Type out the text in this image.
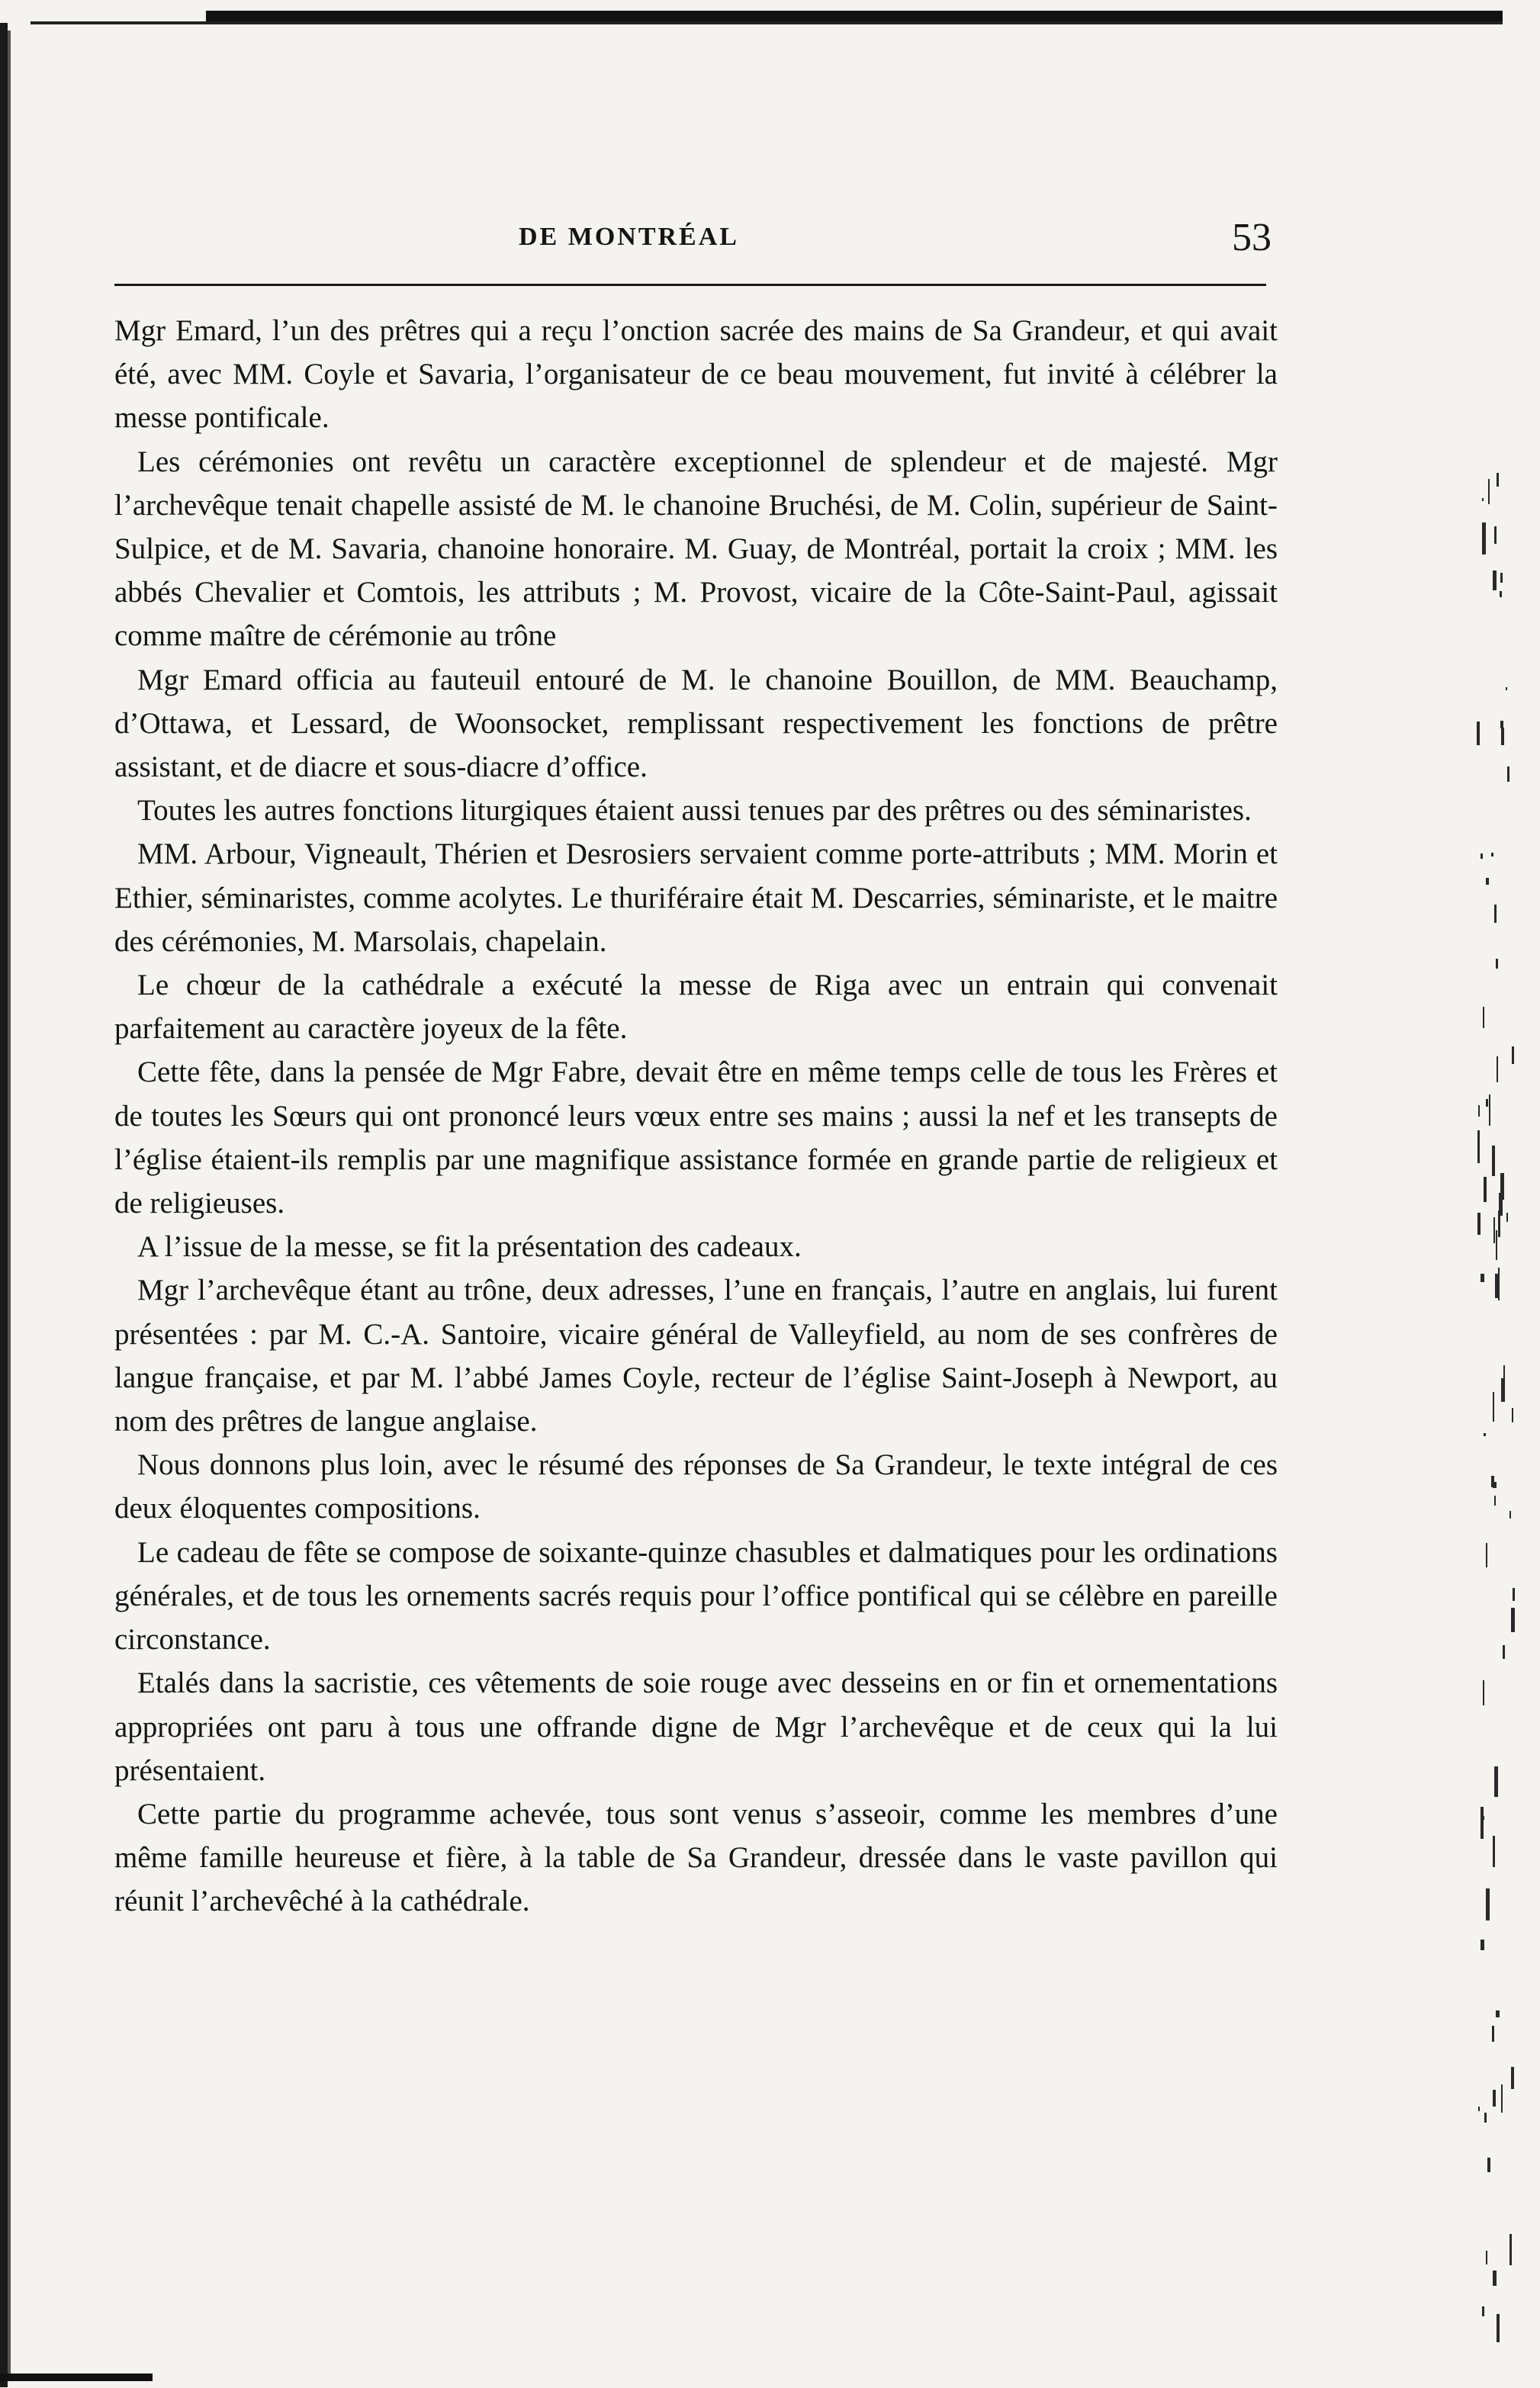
DE MONTRÉAL	53

Mgr Emard, l’un des prêtres qui a reçu l’onction sacrée des mains de Sa Grandeur, et qui avait été, avec MM. Coyle et Savaria, l’organisateur de ce beau mouvement, fut invité à célébrer la messe pontificale.

Les cérémonies ont revêtu un caractère exceptionnel de splendeur et de majesté. Mgr l’archevêque tenait chapelle assisté de M. le chanoine Bruchési, de M. Colin, supérieur de Saint-Sulpice, et de M. Savaria, chanoine honoraire. M. Guay, de Montréal, portait la croix ; MM. les abbés Chevalier et Comtois, les attributs ; M. Provost, vicaire de la Côte-Saint-Paul, agissait comme maître de cérémonie au trône

Mgr Emard officia au fauteuil entouré de M. le chanoine Bouillon, de MM. Beauchamp, d’Ottawa, et Lessard, de Woonsocket, remplissant respectivement les fonctions de prêtre assistant, et de diacre et sous-diacre d’office.

Toutes les autres fonctions liturgiques étaient aussi tenues par des prêtres ou des séminaristes.

MM. Arbour, Vigneault, Thérien et Desrosiers servaient comme porte-attributs ; MM. Morin et Ethier, séminaristes, comme acolytes. Le thuriféraire était M. Descarries, séminariste, et le maitre des cérémonies, M. Marsolais, chapelain.

Le chœur de la cathédrale a exécuté la messe de Riga avec un entrain qui convenait parfaitement au caractère joyeux de la fête.

Cette fête, dans la pensée de Mgr Fabre, devait être en même temps celle de tous les Frères et de toutes les Sœurs qui ont prononcé leurs vœux entre ses mains ; aussi la nef et les transepts de l’église étaient-ils remplis par une magnifique assistance formée en grande partie de religieux et de religieuses.

A l’issue de la messe, se fit la présentation des cadeaux.

Mgr l’archevêque étant au trône, deux adresses, l’une en français, l’autre en anglais, lui furent présentées : par M. C.-A. Santoire, vicaire général de Valleyfield, au nom de ses confrères de langue française, et par M. l’abbé James Coyle, recteur de l’église Saint-Joseph à Newport, au nom des prêtres de langue anglaise.

Nous donnons plus loin, avec le résumé des réponses de Sa Grandeur, le texte intégral de ces deux éloquentes compositions.

Le cadeau de fête se compose de soixante-quinze chasubles et dalmatiques pour les ordinations générales, et de tous les ornements sacrés requis pour l’office pontifical qui se célèbre en pareille circonstance.

Etalés dans la sacristie, ces vêtements de soie rouge avec desseins en or fin et ornementations appropriées ont paru à tous une offrande digne de Mgr l’archevêque et de ceux qui la lui présentaient.

Cette partie du programme achevée, tous sont venus s’asseoir, comme les membres d’une même famille heureuse et fière, à la table de Sa Grandeur, dressée dans le vaste pavillon qui réunit l’archevêché à la cathédrale.
